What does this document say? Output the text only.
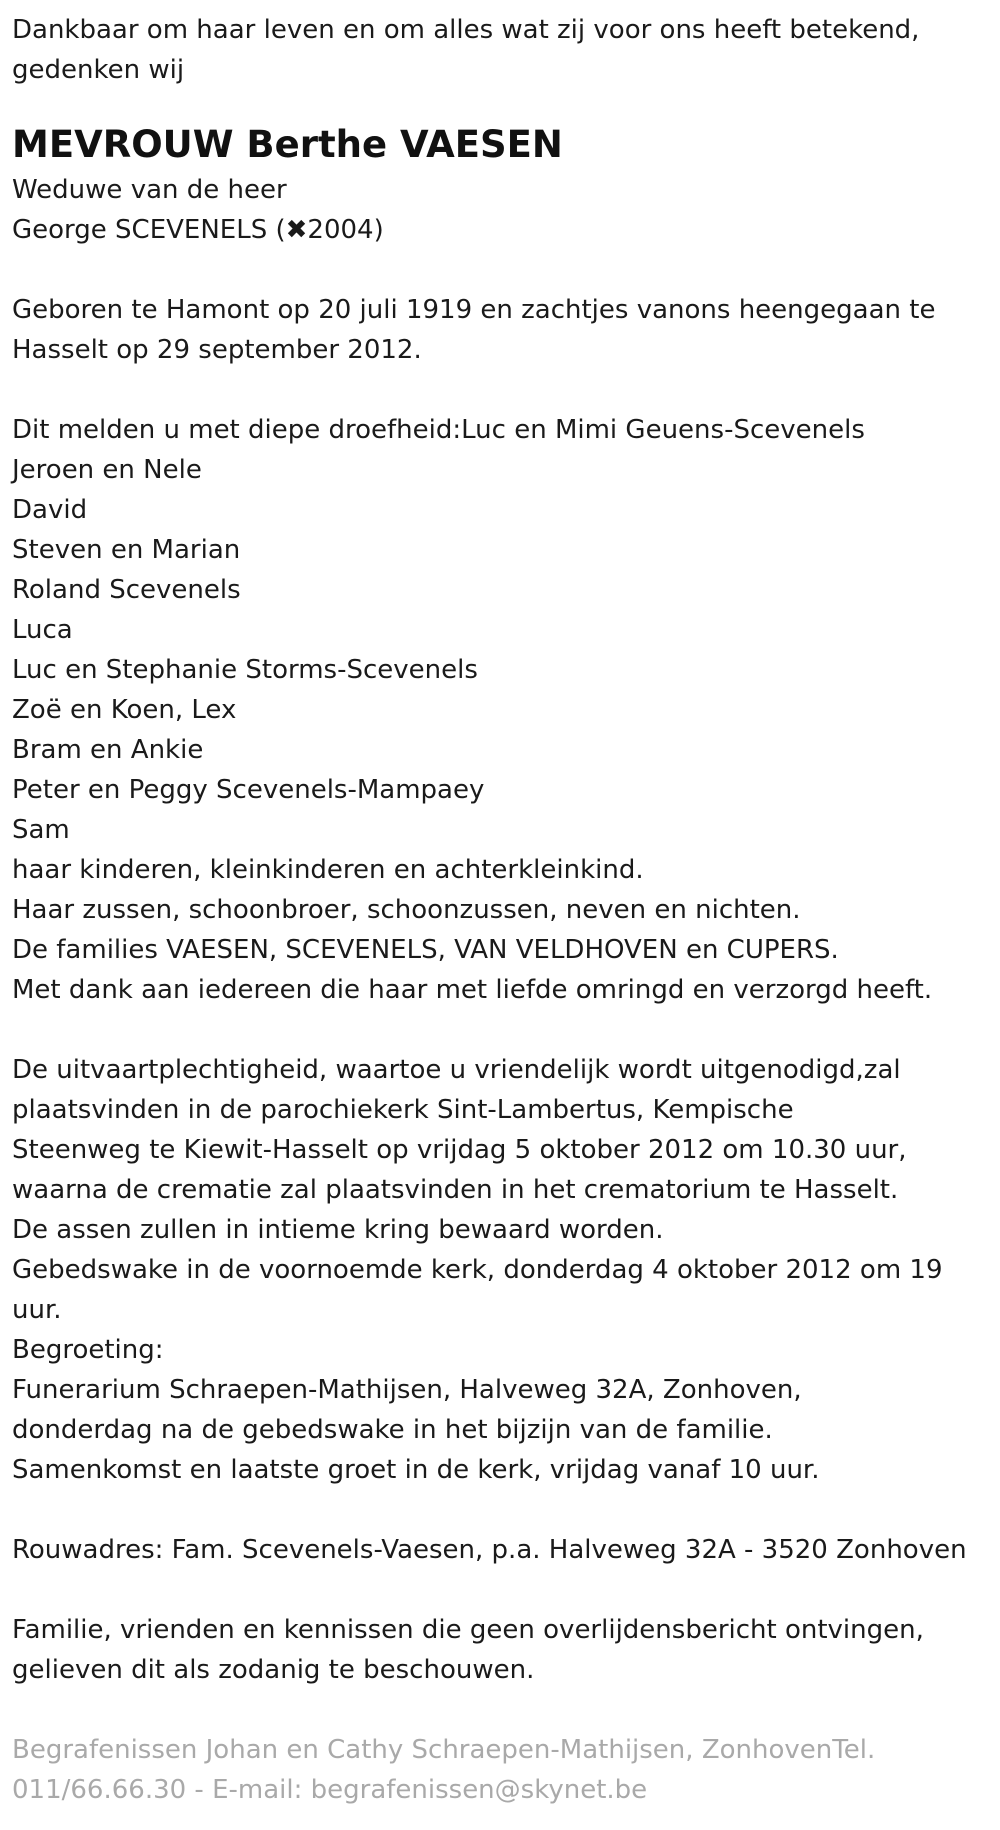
Dankbaar om haar leven en om alles wat zij voor ons heeft betekend,

gedenken wij

MEVROUW Berthe VAESEN

Weduwe van de heer

George SCEVENELS (✖2004)

Geboren te Hamont op 20 juli 1919 en zachtjes vanons heengegaan te

Hasselt op 29 september 2012.

Dit melden u met diepe droefheid:Luc en Mimi Geuens-Scevenels

Jeroen en Nele

David

Steven en Marian

Roland Scevenels

Luca

Luc en Stephanie Storms-Scevenels

Zoë en Koen, Lex

Bram en Ankie

Peter en Peggy Scevenels-Mampaey

Sam

haar kinderen, kleinkinderen en achterkleinkind.

Haar zussen, schoonbroer, schoonzussen, neven en nichten.

De families VAESEN, SCEVENELS, VAN VELDHOVEN en CUPERS.

Met dank aan iedereen die haar met liefde omringd en verzorgd heeft.

De uitvaartplechtigheid, waartoe u vriendelijk wordt uitgenodigd,zal

plaatsvinden in de parochiekerk Sint-Lambertus, Kempische

Steenweg te Kiewit-Hasselt op vrijdag 5 oktober 2012 om 10.30 uur,

waarna de crematie zal plaatsvinden in het crematorium te Hasselt.

De assen zullen in intieme kring bewaard worden.

Gebedswake in de voornoemde kerk, donderdag 4 oktober 2012 om 19

uur.

Begroeting:

Funerarium Schraepen-Mathijsen, Halveweg 32A, Zonhoven,

donderdag na de gebedswake in het bijzijn van de familie.

Samenkomst en laatste groet in de kerk, vrijdag vanaf 10 uur.

Rouwadres: Fam. Scevenels-Vaesen, p.a. Halveweg 32A - 3520 Zonhoven

Familie, vrienden en kennissen die geen overlijdensbericht ontvingen,

gelieven dit als zodanig te beschouwen.

Begrafenissen Johan en Cathy Schraepen-Mathijsen, ZonhovenTel.

011/66.66.30 - E-mail: begrafenissen@skynet.be
